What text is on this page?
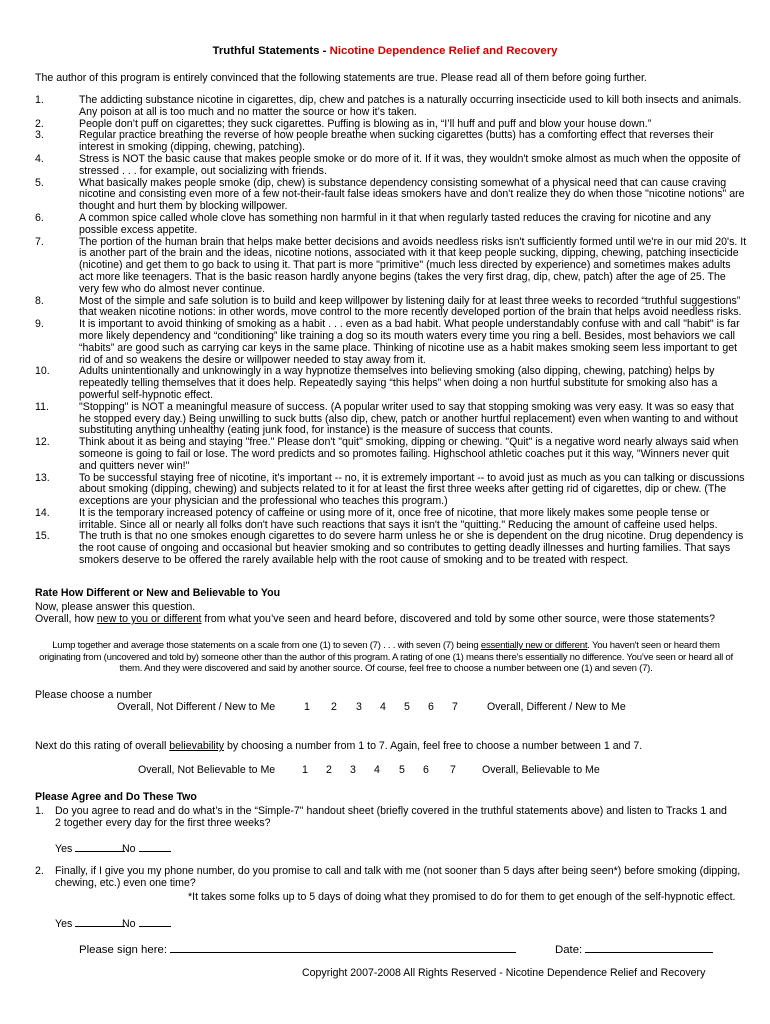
Truthful Statements - Nicotine Dependence Relief and Recovery
The author of this program is entirely convinced that the following statements are true. Please read all of them before going further.
1.	The addicting substance nicotine in cigarettes, dip, chew and patches is a naturally occurring insecticide used to kill both insects and animals. Any poison at all is too much and no matter the source or how it’s taken.
2.	People don’t puff on cigarettes; they suck cigarettes. Puffing is blowing as in, “I’ll huff and puff and blow your house down.”
3.	Regular practice breathing the reverse of how people breathe when sucking cigarettes (butts) has a comforting effect that reverses their interest in smoking (dipping, chewing, patching).
4.	Stress is NOT the basic cause that makes people smoke or do more of it. If it was, they wouldn't smoke almost as much when the opposite of stressed . . . for example, out socializing with friends.
5.	What basically makes people smoke (dip, chew) is substance dependency consisting somewhat of a physical need that can cause craving nicotine and consisting even more of a few not-their-fault false ideas smokers have and don't realize they do when those "nicotine notions" are thought and hurt them by blocking willpower.
6.	A common spice called whole clove has something non harmful in it that when regularly tasted reduces the craving for nicotine and any possible excess appetite.
7.	The portion of the human brain that helps make better decisions and avoids needless risks isn't sufficiently formed until we're in our mid 20's. It is another part of the brain and the ideas, nicotine notions, associated with it that keep people sucking, dipping, chewing, patching insecticide (nicotine) and get them to go back to using it. That part is more "primitive" (much less directed by experience) and sometimes makes adults act more like teenagers. That is the basic reason hardly anyone begins (takes the very first drag, dip, chew, patch) after the age of 25. The very few who do almost never continue.
8.	Most of the simple and safe solution is to build and keep willpower by listening daily for at least three weeks to recorded “truthful suggestions” that weaken nicotine notions: in other words, move control to the more recently developed portion of the brain that helps avoid needless risks.
9.	It is important to avoid thinking of smoking as a habit . . . even as a bad habit. What people understandably confuse with and call "habit" is far more likely dependency and “conditioning” like training a dog so its mouth waters every time you ring a bell. Besides, most behaviors we call “habits” are good such as carrying car keys in the same place. Thinking of nicotine use as a habit makes smoking seem less important to get rid of and so weakens the desire or willpower needed to stay away from it.
10.	Adults unintentionally and unknowingly in a way hypnotize themselves into believing smoking (also dipping, chewing, patching) helps by repeatedly telling themselves that it does help. Repeatedly saying “this helps” when doing a non hurtful substitute for smoking also has a powerful self-hypnotic effect.
11.	"Stopping" is NOT a meaningful measure of success. (A popular writer used to say that stopping smoking was very easy. It was so easy that he stopped every day.) Being unwilling to suck butts (also dip, chew, patch or another hurtful replacement) even when wanting to and without substituting anything unhealthy (eating junk food, for instance) is the measure of success that counts.
12.	Think about it as being and staying "free." Please don't "quit" smoking, dipping or chewing. "Quit" is a negative word nearly always said when someone is going to fail or lose. The word predicts and so promotes failing. Highschool athletic coaches put it this way, "Winners never quit and quitters never win!"
13.	To be successful staying free of nicotine, it's important -- no, it is extremely important -- to avoid just as much as you can talking or discussions about smoking (dipping, chewing) and subjects related to it for at least the first three weeks after getting rid of cigarettes, dip or chew. (The exceptions are your physician and the professional who teaches this program.)
14.	It is the temporary increased potency of caffeine or using more of it, once free of nicotine, that more likely makes some people tense or irritable. Since all or nearly all folks don't have such reactions that says it isn't the "quitting." Reducing the amount of caffeine used helps.
15.	The truth is that no one smokes enough cigarettes to do severe harm unless he or she is dependent on the drug nicotine. Drug dependency is the root cause of ongoing and occasional but heavier smoking and so contributes to getting deadly illnesses and hurting families. That says smokers deserve to be offered the rarely available help with the root cause of smoking and to be treated with respect.
Rate How Different or New and Believable to You
Now, please answer this question.
Overall, how new to you or different from what you’ve seen and heard before, discovered and told by some other source, were those statements?
Lump together and average those statements on a scale from one (1) to seven (7) . . . with seven (7) being essentially new or different. You haven't seen or heard them originating from (uncovered and told by) someone other than the author of this program. A rating of one (1) means there’s essentially no difference. You’ve seen or heard all of them. And they were discovered and said by another source. Of course, feel free to choose a number between one (1) and seven (7).
Please choose a number
Overall, Not Different / New to Me	1 2 3 4 5 6 7	Overall, Different / New to Me
Next do this rating of overall believability by choosing a number from 1 to 7. Again, feel free to choose a number between 1 and 7.
Overall, Not Believable to Me	1 2 3 4 5 6 7 Overall, Believable to Me
Please Agree and Do These Two
1.	Do you agree to read and do what’s in the “Simple-7" handout sheet (briefly covered in the truthful statements above) and listen to Tracks 1 and 2 together every day for the first three weeks?
Yes	No
2.	Finally, if I give you my phone number, do you promise to call and talk with me (not sooner than 5 days after being seen*) before smoking (dipping, chewing, etc.) even one time?
*It takes some folks up to 5 days of doing what they promised to do for them to get enough of the self-hypnotic effect.
Yes	No
Please sign here:	Date:
Copyright 2007-2008 All Rights Reserved - Nicotine Dependence Relief and Recovery
